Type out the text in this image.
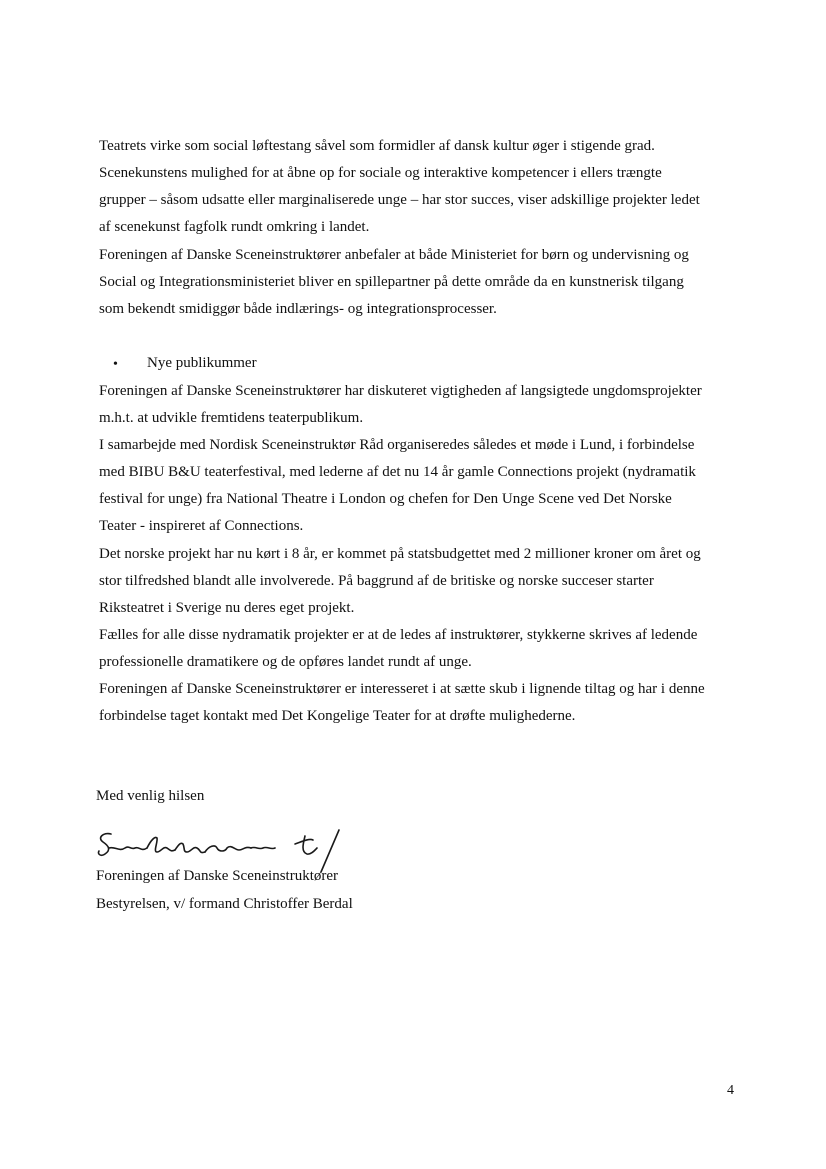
Teatrets virke som social løftestang såvel som formidler af dansk kultur øger i stigende grad.
Scenekunstens mulighed for at åbne op for sociale og interaktive kompetencer i ellers trængte
grupper – såsom udsatte eller marginaliserede unge – har stor succes, viser adskillige projekter ledet
af scenekunst fagfolk rundt omkring i landet.
Foreningen af Danske Sceneinstruktører anbefaler at både Ministeriet for børn og undervisning og
Social og Integrationsministeriet bliver en spillepartner på dette område da en kunstnerisk tilgang
som bekendt smidiggør både indlærings- og integrationsprocesser.
• Nye publikummer
Foreningen af Danske Sceneinstruktører har diskuteret vigtigheden af langsigtede ungdomsprojekter
m.h.t. at udvikle fremtidens teaterpublikum.
I samarbejde med Nordisk Sceneinstruktør Råd organiseredes således et møde i Lund, i forbindelse
med BIBU B&U teaterfestival, med lederne af det nu 14 år gamle Connections projekt (nydramatik
festival for unge) fra National Theatre i London og chefen for Den Unge Scene ved Det Norske
Teater - inspireret af Connections.
Det norske projekt har nu kørt i 8 år, er kommet på statsbudgettet med 2 millioner kroner om året og
stor tilfredshed blandt alle involverede. På baggrund af de britiske og norske succeser starter
Riksteatret i Sverige nu deres eget projekt.
Fælles for alle disse nydramatik projekter er at de ledes af instruktører, stykkerne skrives af ledende
professionelle dramatikere og de opføres landet rundt af unge.
Foreningen af Danske Sceneinstruktører er interesseret i at sætte skub i lignende tiltag og har i denne
forbindelse taget kontakt med Det Kongelige Teater for at drøfte mulighederne.
Med venlig hilsen
Foreningen af Danske Sceneinstruktører
Bestyrelsen, v/ formand Christoffer Berdal
4
